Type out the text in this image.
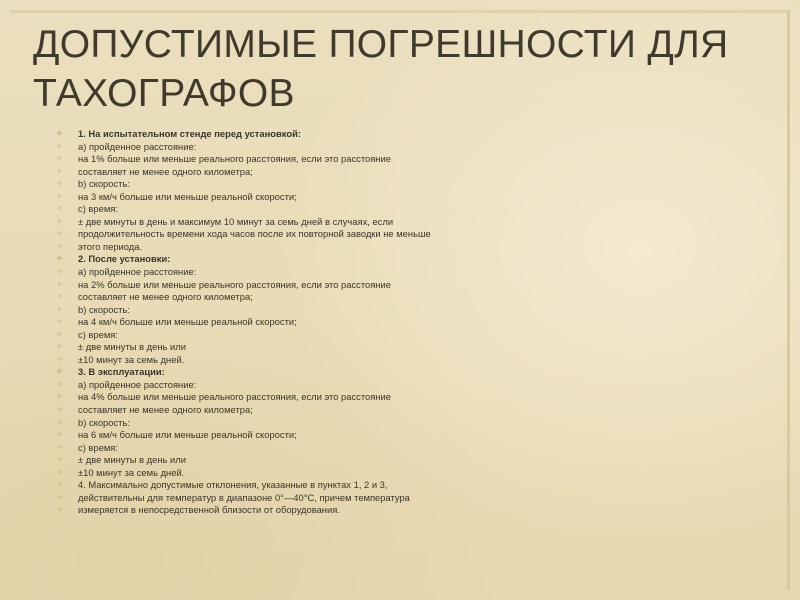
ДОПУСТИМЫЕ ПОГРЕШНОСТИ ДЛЯ ТАХОГРАФОВ
✧ 1. На испытательном стенде перед установкой:
✧ а) пройденное расстояние:
✧ на 1% больше или меньше реального расстояния, если это расстояние
✧ составляет не менее одного километра;
✧ b) скорость:
✧ на 3 км/ч больше или меньше реальной скорости;
✧ с) время:
✧ ± две минуты в день и максимум 10 минут за семь дней в случаях, если
✧ продолжительность времени хода часов после их повторной заводки не меньше
✧ этого периода.
✧ 2. После установки:
✧ а) пройденное расстояние:
✧ на 2% больше или меньше реального расстояния, если это расстояние
✧ составляет не менее одного километра;
✧ b) скорость:
✧ на 4 км/ч больше или меньше реальной скорости;
✧ с) время:
✧ ± две минуты в день или
✧ ±10 минут за семь дней.
✧ 3. В эксплуатации:
✧ а) пройденное расстояние:
✧ на 4% больше или меньше реального расстояния, если это расстояние
✧ составляет не менее одного километра;
✧ b) скорость:
✧ на 6 км/ч больше или меньше реальной скорости;
✧ с) время:
✧ ± две минуты в день или
✧ ±10 минут за семь дней.
✧ 4. Максимально допустимые отклонения, указанные в пунктах 1, 2 и 3,
✧ действительны для температур в диапазоне 0°—40°С, причем температура
✧ измеряется в непосредственной близости от оборудования.
